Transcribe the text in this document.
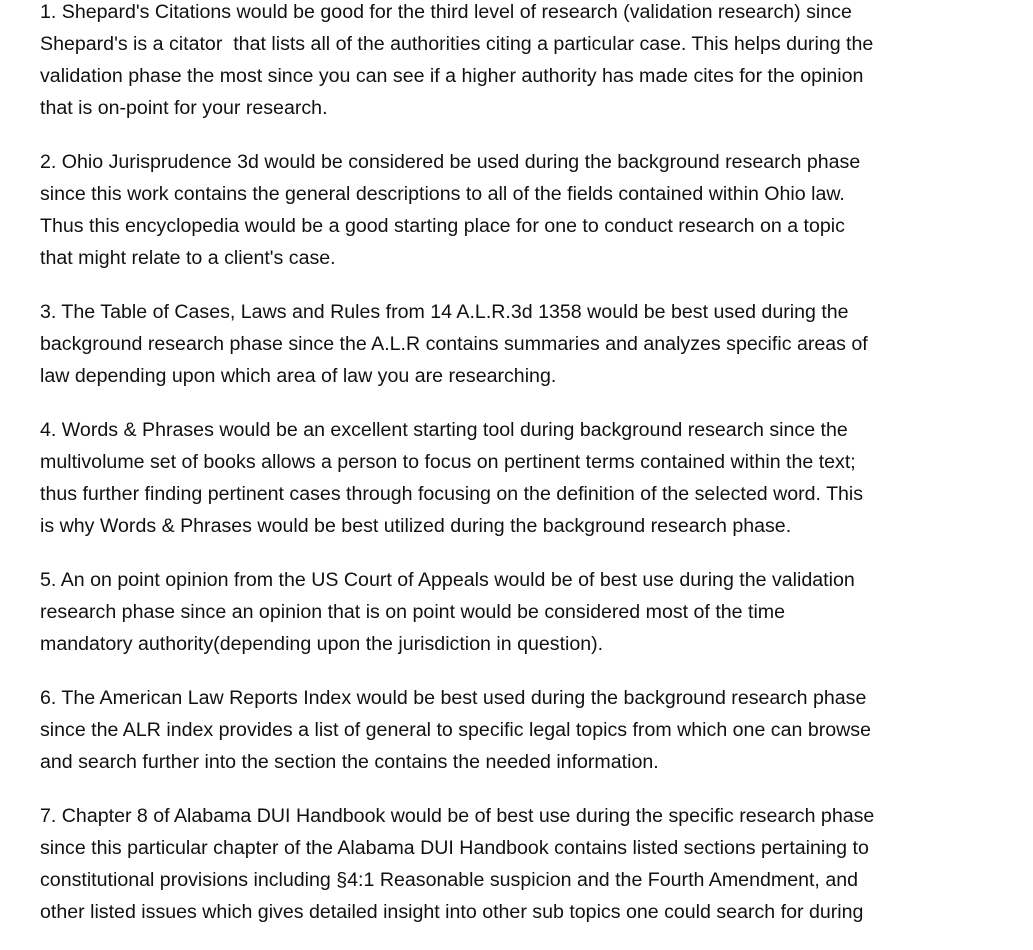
1. Shepard's Citations would be good for the third level of research (validation research) since
Shepard's is a citator  that lists all of the authorities citing a particular case. This helps during the
validation phase the most since you can see if a higher authority has made cites for the opinion
that is on-point for your research.

2. Ohio Jurisprudence 3d would be considered be used during the background research phase
since this work contains the general descriptions to all of the fields contained within Ohio law.
Thus this encyclopedia would be a good starting place for one to conduct research on a topic
that might relate to a client's case.

3. The Table of Cases, Laws and Rules from 14 A.L.R.3d 1358 would be best used during the
background research phase since the A.L.R contains summaries and analyzes specific areas of
law depending upon which area of law you are researching.

4. Words & Phrases would be an excellent starting tool during background research since the
multivolume set of books allows a person to focus on pertinent terms contained within the text;
thus further finding pertinent cases through focusing on the definition of the selected word. This
is why Words & Phrases would be best utilized during the background research phase.

5. An on point opinion from the US Court of Appeals would be of best use during the validation
research phase since an opinion that is on point would be considered most of the time
mandatory authority(depending upon the jurisdiction in question).

6. The American Law Reports Index would be best used during the background research phase
since the ALR index provides a list of general to specific legal topics from which one can browse
and search further into the section the contains the needed information.

7. Chapter 8 of Alabama DUI Handbook would be of best use during the specific research phase
since this particular chapter of the Alabama DUI Handbook contains listed sections pertaining to
constitutional provisions including §4:1 Reasonable suspicion and the Fourth Amendment, and
other listed issues which gives detailed insight into other sub topics one could search for during
